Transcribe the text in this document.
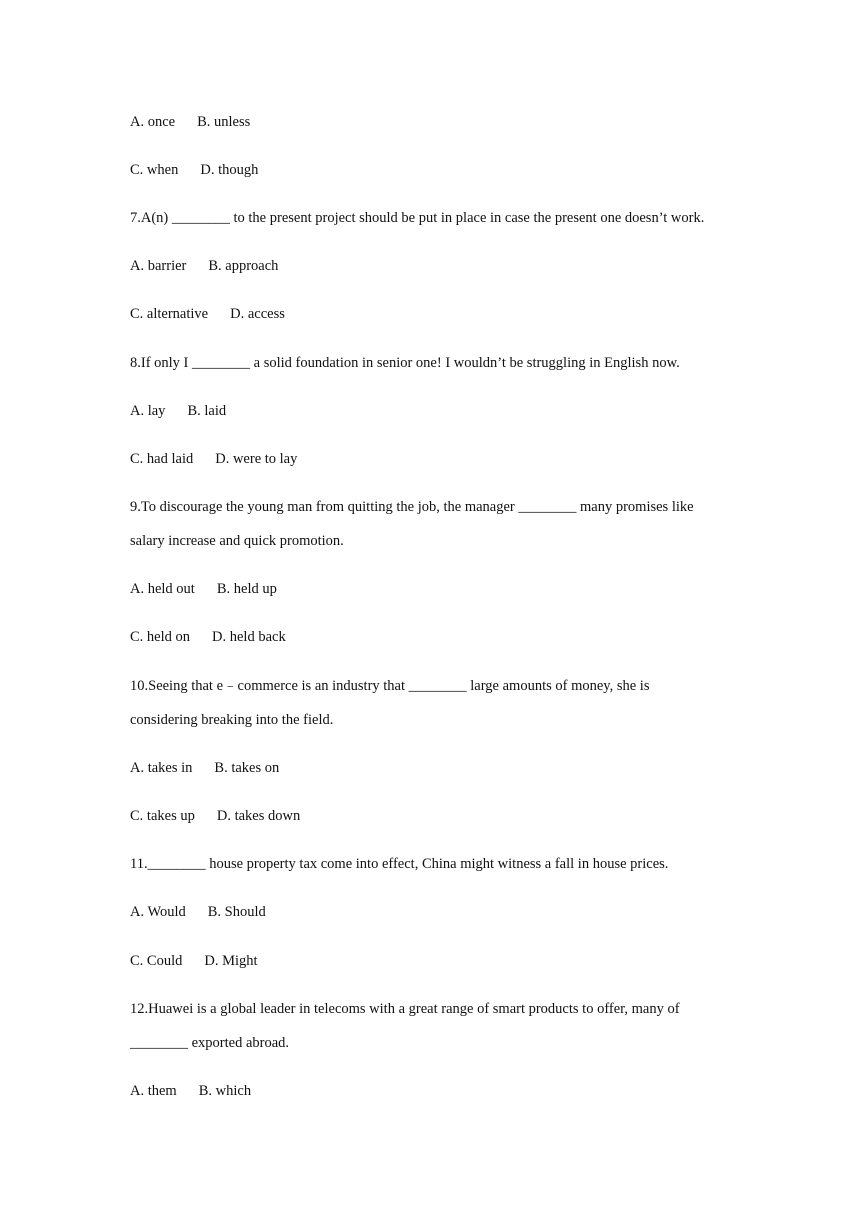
A. once B. unless
C. when D. though
7.A(n) ________ to the present project should be put in place in case the present one doesn’t work.
A. barrier B. approach
C. alternative D. access
8.If only I ________ a solid foundation in senior one! I wouldn’t be struggling in English now.
A. lay B. laid
C. had laid D. were to lay
9.To discourage the young man from quitting the job, the manager ________ many promises like
salary increase and quick promotion.
A. held out B. held up
C. held on D. held back
10.Seeing that e﹣commerce is an industry that ________ large amounts of money, she is
considering breaking into the field.
A. takes in B. takes on
C. takes up D. takes down
11.________ house property tax come into effect, China might witness a fall in house prices.
A. Would B. Should
C. Could D. Might
12.Huawei is a global leader in telecoms with a great range of smart products to offer, many of
________ exported abroad.
A. them B. which
